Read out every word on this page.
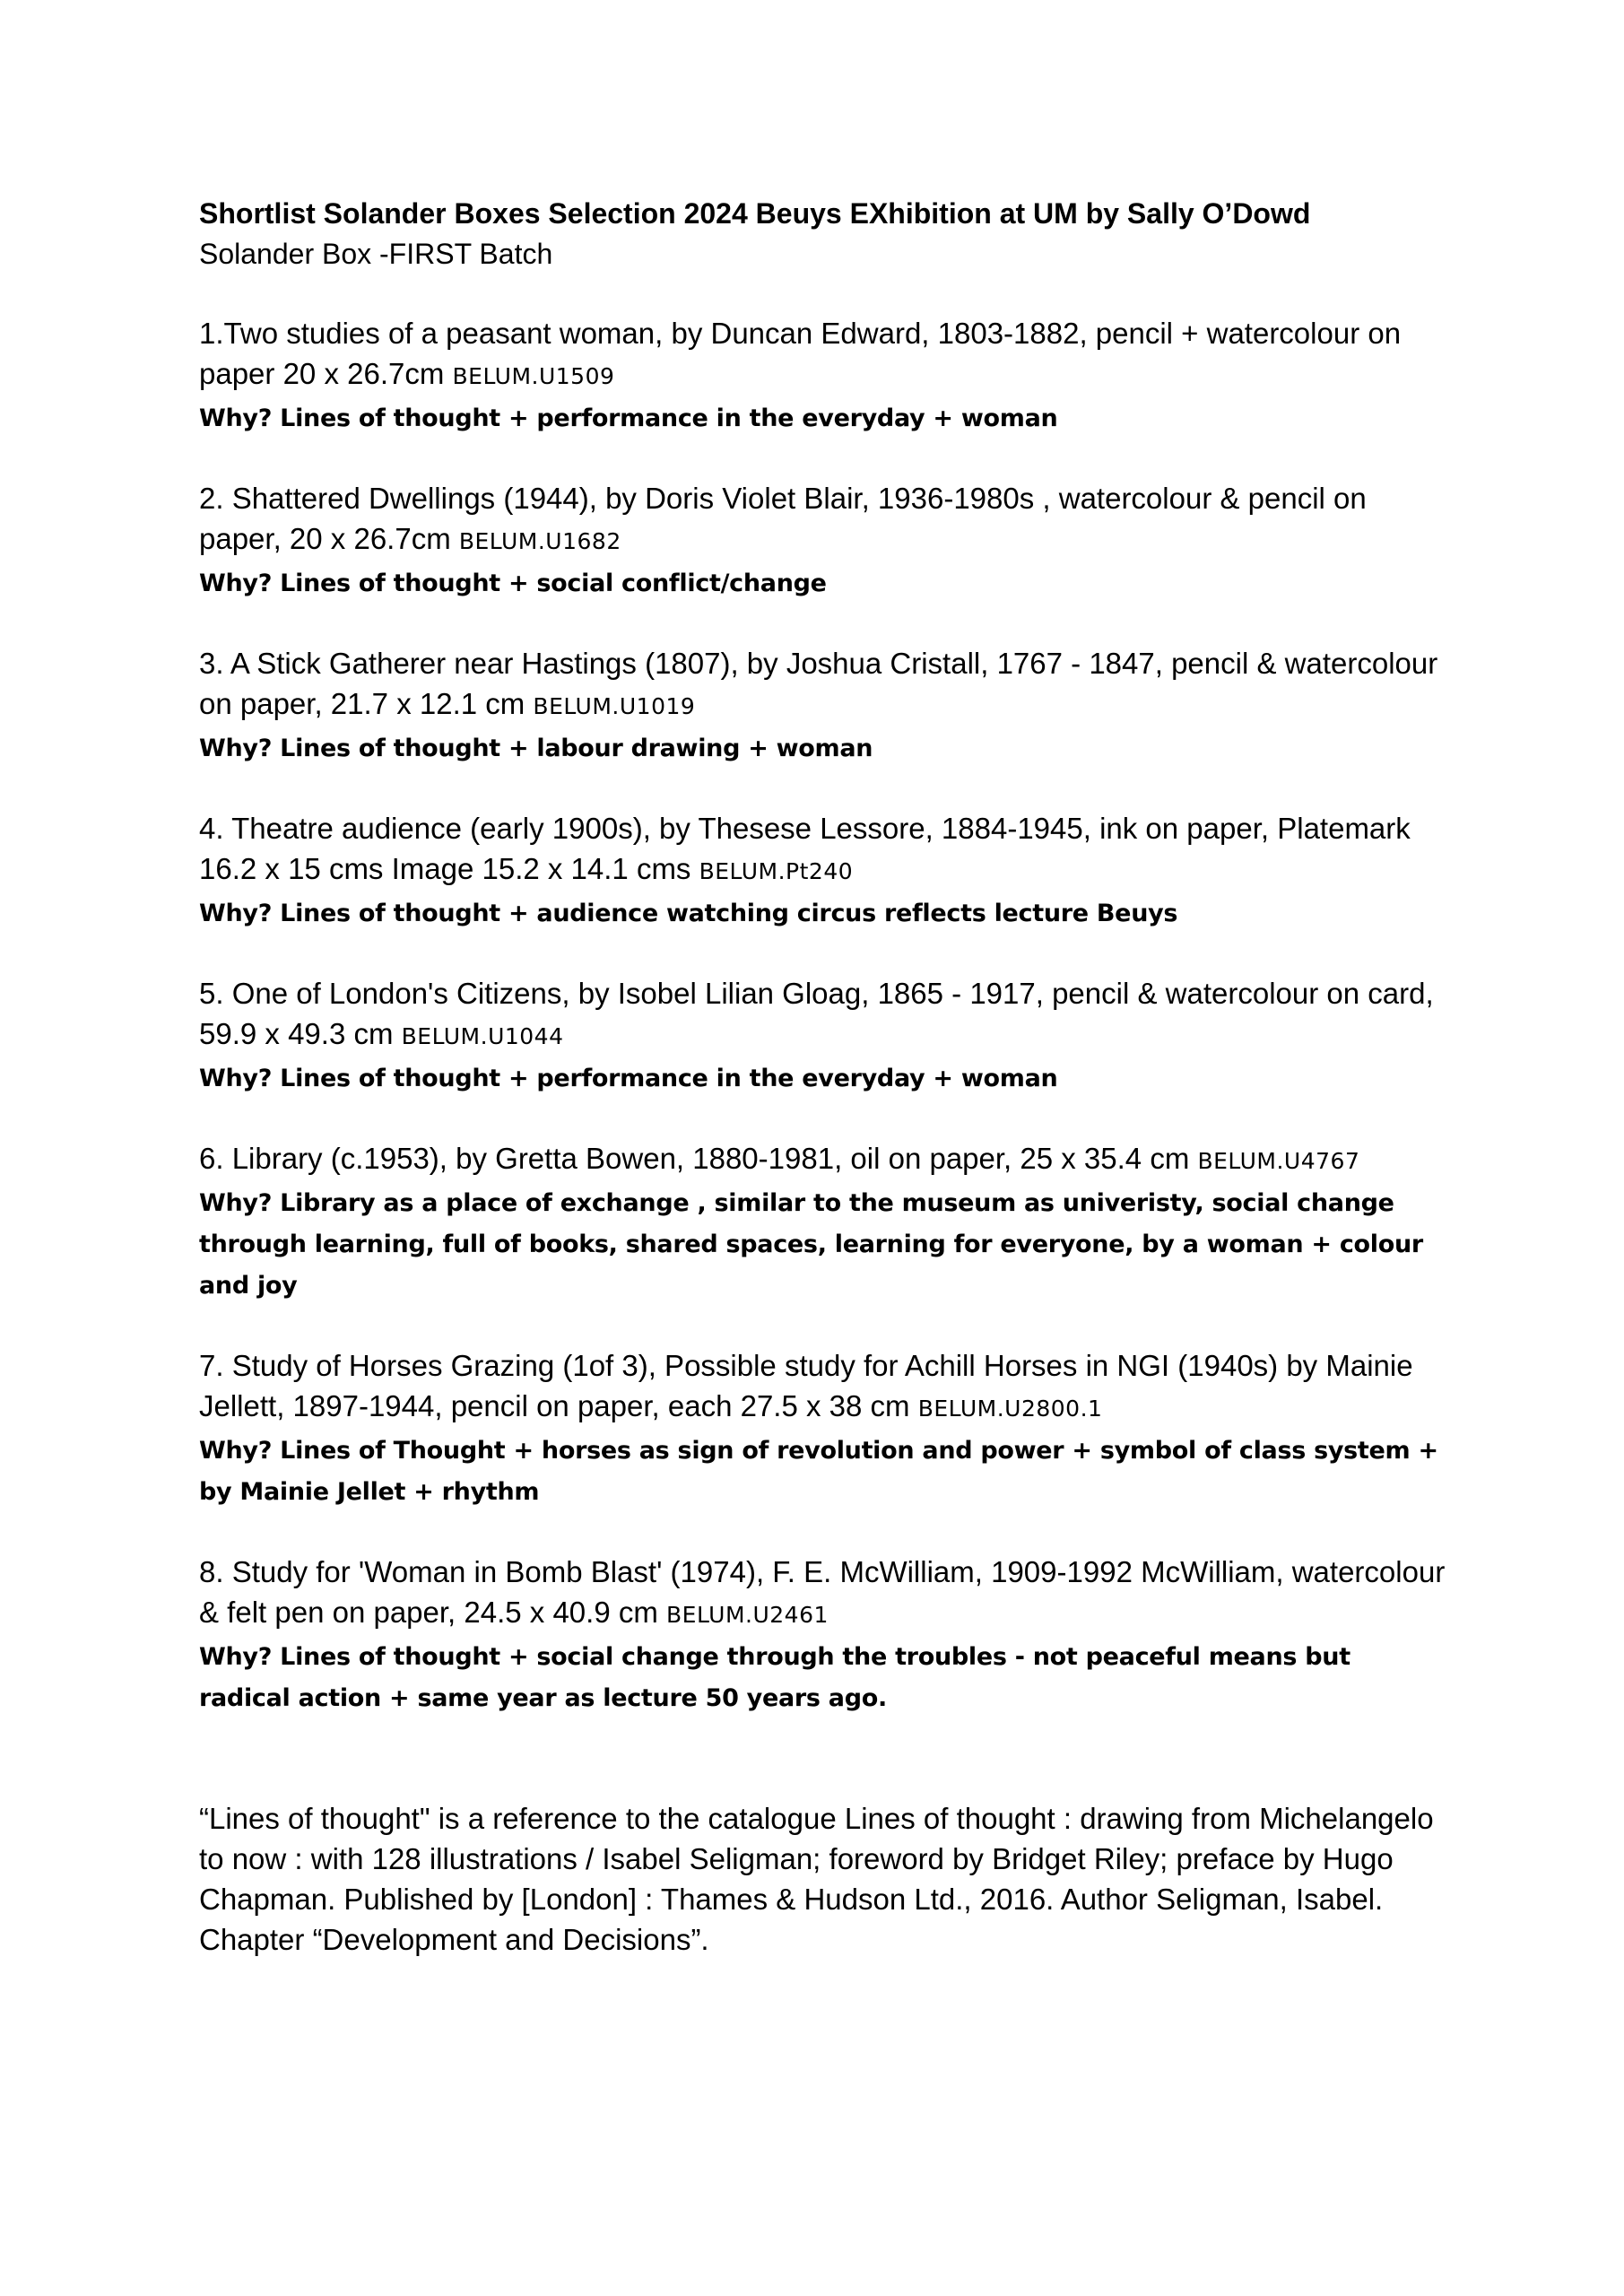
Shortlist Solander Boxes Selection 2024 Beuys EXhibition at UM by Sally O’Dowd

Solander Box -FIRST Batch

1.Two studies of a peasant woman, by Duncan Edward, 1803-1882, pencil + watercolour on paper 20 x 26.7cm BELUM.U1509

Why? Lines of thought + performance in the everyday + woman

2. Shattered Dwellings (1944), by Doris Violet Blair, 1936-1980s , watercolour & pencil on paper, 20 x 26.7cm BELUM.U1682

Why? Lines of thought + social conflict/change

3. A Stick Gatherer near Hastings (1807), by Joshua Cristall, 1767 - 1847, pencil & watercolour on paper, 21.7 x 12.1 cm BELUM.U1019

Why? Lines of thought + labour drawing + woman

4. Theatre audience (early 1900s), by Thesese Lessore, 1884-1945, ink on paper, Platemark 16.2 x 15 cms Image 15.2 x 14.1 cms BELUM.Pt240

Why? Lines of thought + audience watching circus reflects lecture Beuys

5. One of London's Citizens, by Isobel Lilian Gloag, 1865 - 1917, pencil & watercolour on card, 59.9 x 49.3 cm BELUM.U1044

Why? Lines of thought + performance in the everyday + woman

6. Library (c.1953), by Gretta Bowen, 1880-1981, oil on paper, 25 x 35.4 cm BELUM.U4767

Why? Library as a place of exchange , similar to the museum as univeristy, social change through learning, full of books, shared spaces, learning for everyone, by a woman + colour and joy

7. Study of Horses Grazing (1of 3), Possible study for Achill Horses in NGI (1940s) by Mainie Jellett, 1897-1944, pencil on paper, each 27.5 x 38 cm BELUM.U2800.1

Why? Lines of Thought + horses as sign of revolution and power + symbol of class system + by Mainie Jellet + rhythm

8. Study for 'Woman in Bomb Blast' (1974), F. E. McWilliam, 1909-1992 McWilliam, watercolour & felt pen on paper, 24.5 x 40.9 cm BELUM.U2461

Why? Lines of thought + social change through the troubles - not peaceful means but radical action + same year as lecture 50 years ago.

“Lines of thought" is a reference to the catalogue Lines of thought : drawing from Michelangelo to now : with 128 illustrations / Isabel Seligman; foreword by Bridget Riley; preface by Hugo Chapman. Published by [London] : Thames & Hudson Ltd., 2016. Author Seligman, Isabel. Chapter “Development and Decisions”.
